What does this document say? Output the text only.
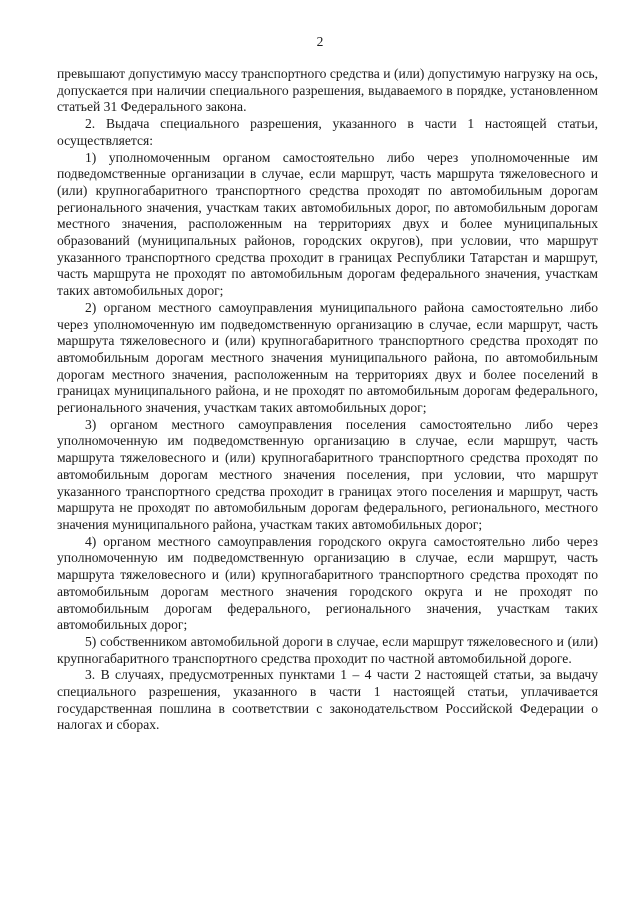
2

превышают допустимую массу транспортного средства и (или) допустимую нагрузку на ось, допускается при наличии специального разрешения, выдаваемого в порядке, установленном статьей 31 Федерального закона.

2. Выдача специального разрешения, указанного в части 1 настоящей статьи, осуществляется:

1) уполномоченным органом самостоятельно либо через уполномоченные им подведомственные организации в случае, если маршрут, часть маршрута тяжеловесного и (или) крупногабаритного транспортного средства проходят по автомобильным дорогам регионального значения, участкам таких автомобильных дорог, по автомобильным дорогам местного значения, расположенным на территориях двух и более муниципальных образований (муниципальных районов, городских округов), при условии, что маршрут указанного транспортного средства проходит в границах Республики Татарстан и маршрут, часть маршрута не проходят по автомобильным дорогам федерального значения, участкам таких автомобильных дорог;

2) органом местного самоуправления муниципального района самостоятельно либо через уполномоченную им подведомственную организацию в случае, если маршрут, часть маршрута тяжеловесного и (или) крупногабаритного транспортного средства проходят по автомобильным дорогам местного значения муниципального района, по автомобильным дорогам местного значения, расположенным на территориях двух и более поселений в границах муниципального района, и не проходят по автомобильным дорогам федерального, регионального значения, участкам таких автомобильных дорог;

3) органом местного самоуправления поселения самостоятельно либо через уполномоченную им подведомственную организацию в случае, если маршрут, часть маршрута тяжеловесного и (или) крупногабаритного транспортного средства проходят по автомобильным дорогам местного значения поселения, при условии, что маршрут указанного транспортного средства проходит в границах этого поселения и маршрут, часть маршрута не проходят по автомобильным дорогам федерального, регионального, местного значения муниципального района, участкам таких автомобильных дорог;

4) органом местного самоуправления городского округа самостоятельно либо через уполномоченную им подведомственную организацию в случае, если маршрут, часть маршрута тяжеловесного и (или) крупногабаритного транспортного средства проходят по автомобильным дорогам местного значения городского округа и не проходят по автомобильным дорогам федерального, регионального значения, участкам таких автомобильных дорог;

5) собственником автомобильной дороги в случае, если маршрут тяжеловесного и (или) крупногабаритного транспортного средства проходит по частной автомобильной дороге.

3. В случаях, предусмотренных пунктами 1 – 4 части 2 настоящей статьи, за выдачу специального разрешения, указанного в части 1 настоящей статьи, уплачивается государственная пошлина в соответствии с законодательством Российской Федерации о налогах и сборах.
